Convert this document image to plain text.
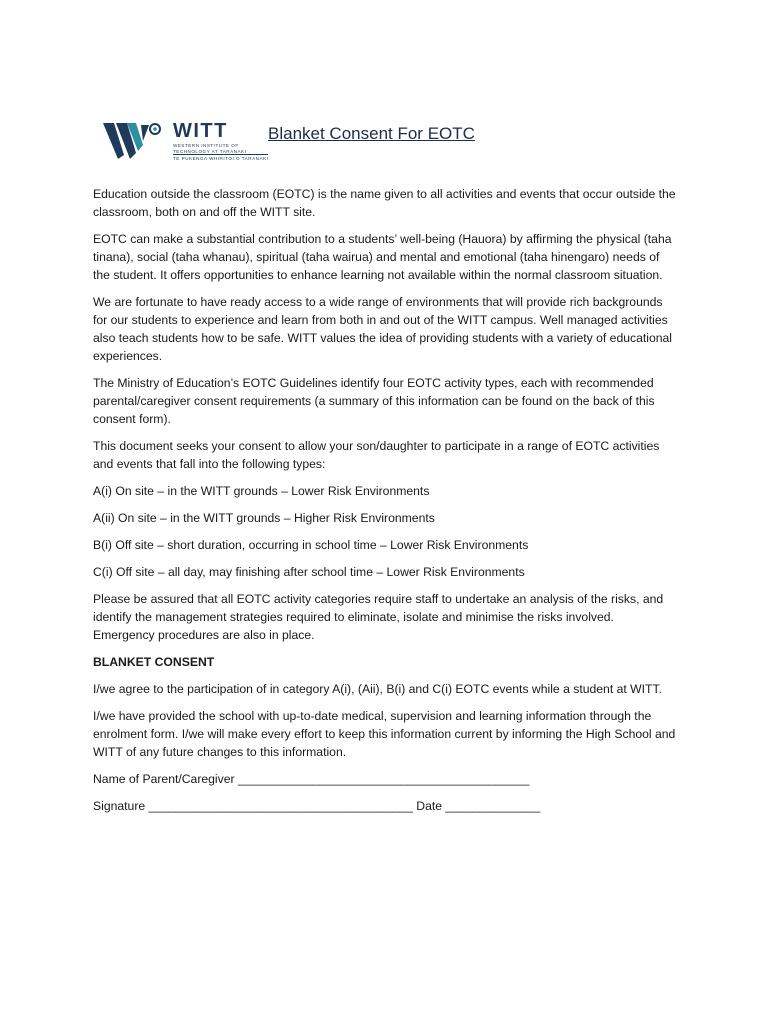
WITT
WESTERN INSTITUTE OF
TECHNOLOGY AT TARANAKI
TE PUKENGA WHIRITOI O TARANAKI
Blanket Consent For EOTC

Education outside the classroom (EOTC) is the name given to all activities and events that occur outside the classroom, both on and off the WITT site.

EOTC can make a substantial contribution to a students’ well-being (Hauora) by affirming the physical (taha tinana), social (taha whanau), spiritual (taha wairua) and mental and emotional (taha hinengaro) needs of the student. It offers opportunities to enhance learning not available within the normal classroom situation.

We are fortunate to have ready access to a wide range of environments that will provide rich backgrounds for our students to experience and learn from both in and out of the WITT campus. Well managed activities also teach students how to be safe. WITT values the idea of providing students with a variety of educational experiences.

The Ministry of Education’s EOTC Guidelines identify four EOTC activity types, each with recommended parental/caregiver consent requirements (a summary of this information can be found on the back of this consent form).

This document seeks your consent to allow your son/daughter to participate in a range of EOTC activities and events that fall into the following types:

A(i) On site – in the WITT grounds – Lower Risk Environments

A(ii) On site – in the WITT grounds – Higher Risk Environments

B(i) Off site – short duration, occurring in school time – Lower Risk Environments

C(i) Off site – all day, may finishing after school time – Lower Risk Environments

Please be assured that all EOTC activity categories require staff to undertake an analysis of the risks, and identify the management strategies required to eliminate, isolate and minimise the risks involved. Emergency procedures are also in place.

BLANKET CONSENT

I/we agree to the participation of in category A(i), (Aii), B(i) and C(i) EOTC events while a student at WITT.

I/we have provided the school with up-to-date medical, supervision and learning information through the enrolment form. I/we will make every effort to keep this information current by informing the High School and WITT of any future changes to this information.

Name of Parent/Caregiver ___________________________________________

Signature _______________________________________ Date ______________
